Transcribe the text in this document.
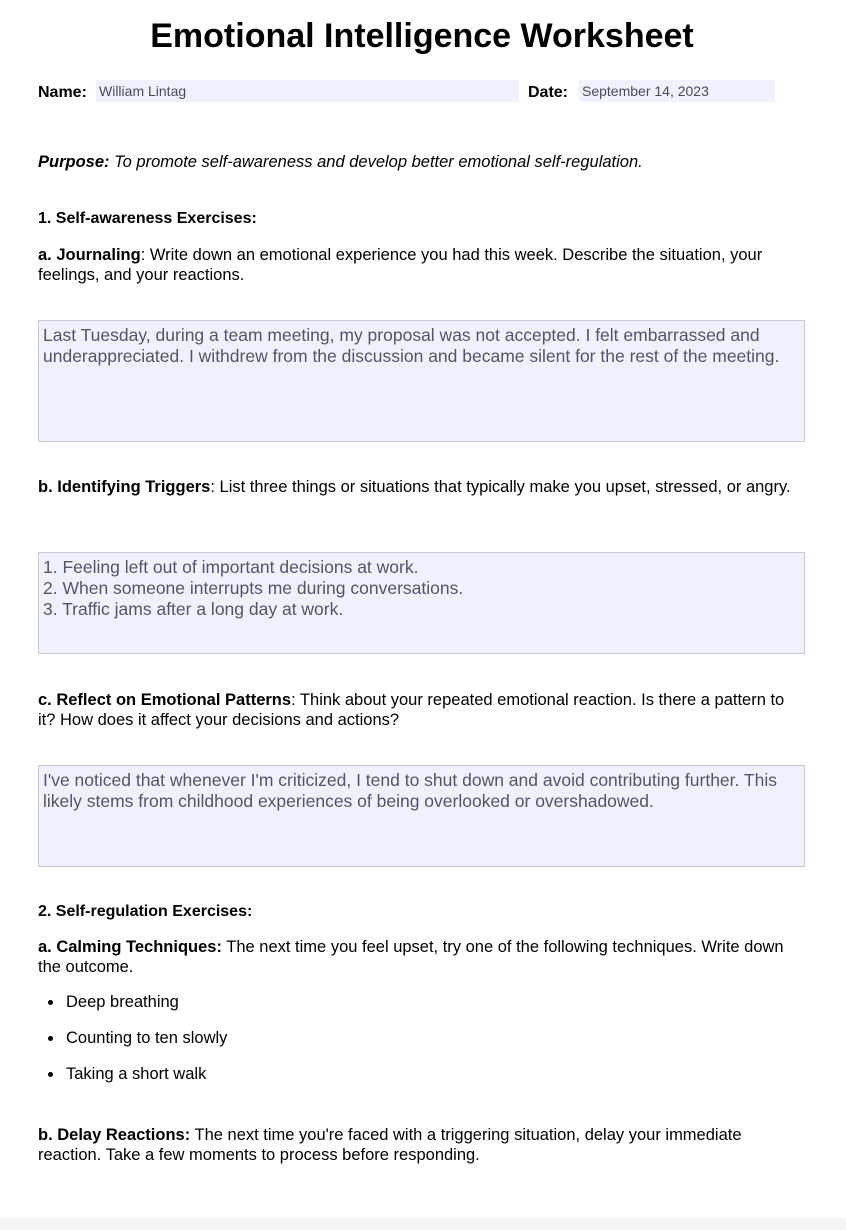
Emotional Intelligence Worksheet
Name: William Lintag	Date: September 14, 2023
Purpose: To promote self-awareness and develop better emotional self-regulation.
1. Self-awareness Exercises:
a. Journaling: Write down an emotional experience you had this week. Describe the situation, your feelings, and your reactions.
Last Tuesday, during a team meeting, my proposal was not accepted. I felt embarrassed and underappreciated. I withdrew from the discussion and became silent for the rest of the meeting.
b. Identifying Triggers: List three things or situations that typically make you upset, stressed, or angry.
1. Feeling left out of important decisions at work.
2. When someone interrupts me during conversations.
3. Traffic jams after a long day at work.
c. Reflect on Emotional Patterns: Think about your repeated emotional reaction. Is there a pattern to it? How does it affect your decisions and actions?
I've noticed that whenever I'm criticized, I tend to shut down and avoid contributing further. This likely stems from childhood experiences of being overlooked or overshadowed.
2. Self-regulation Exercises:
a. Calming Techniques: The next time you feel upset, try one of the following techniques. Write down the outcome.
Deep breathing
Counting to ten slowly
Taking a short walk
b. Delay Reactions: The next time you're faced with a triggering situation, delay your immediate reaction. Take a few moments to process before responding.
